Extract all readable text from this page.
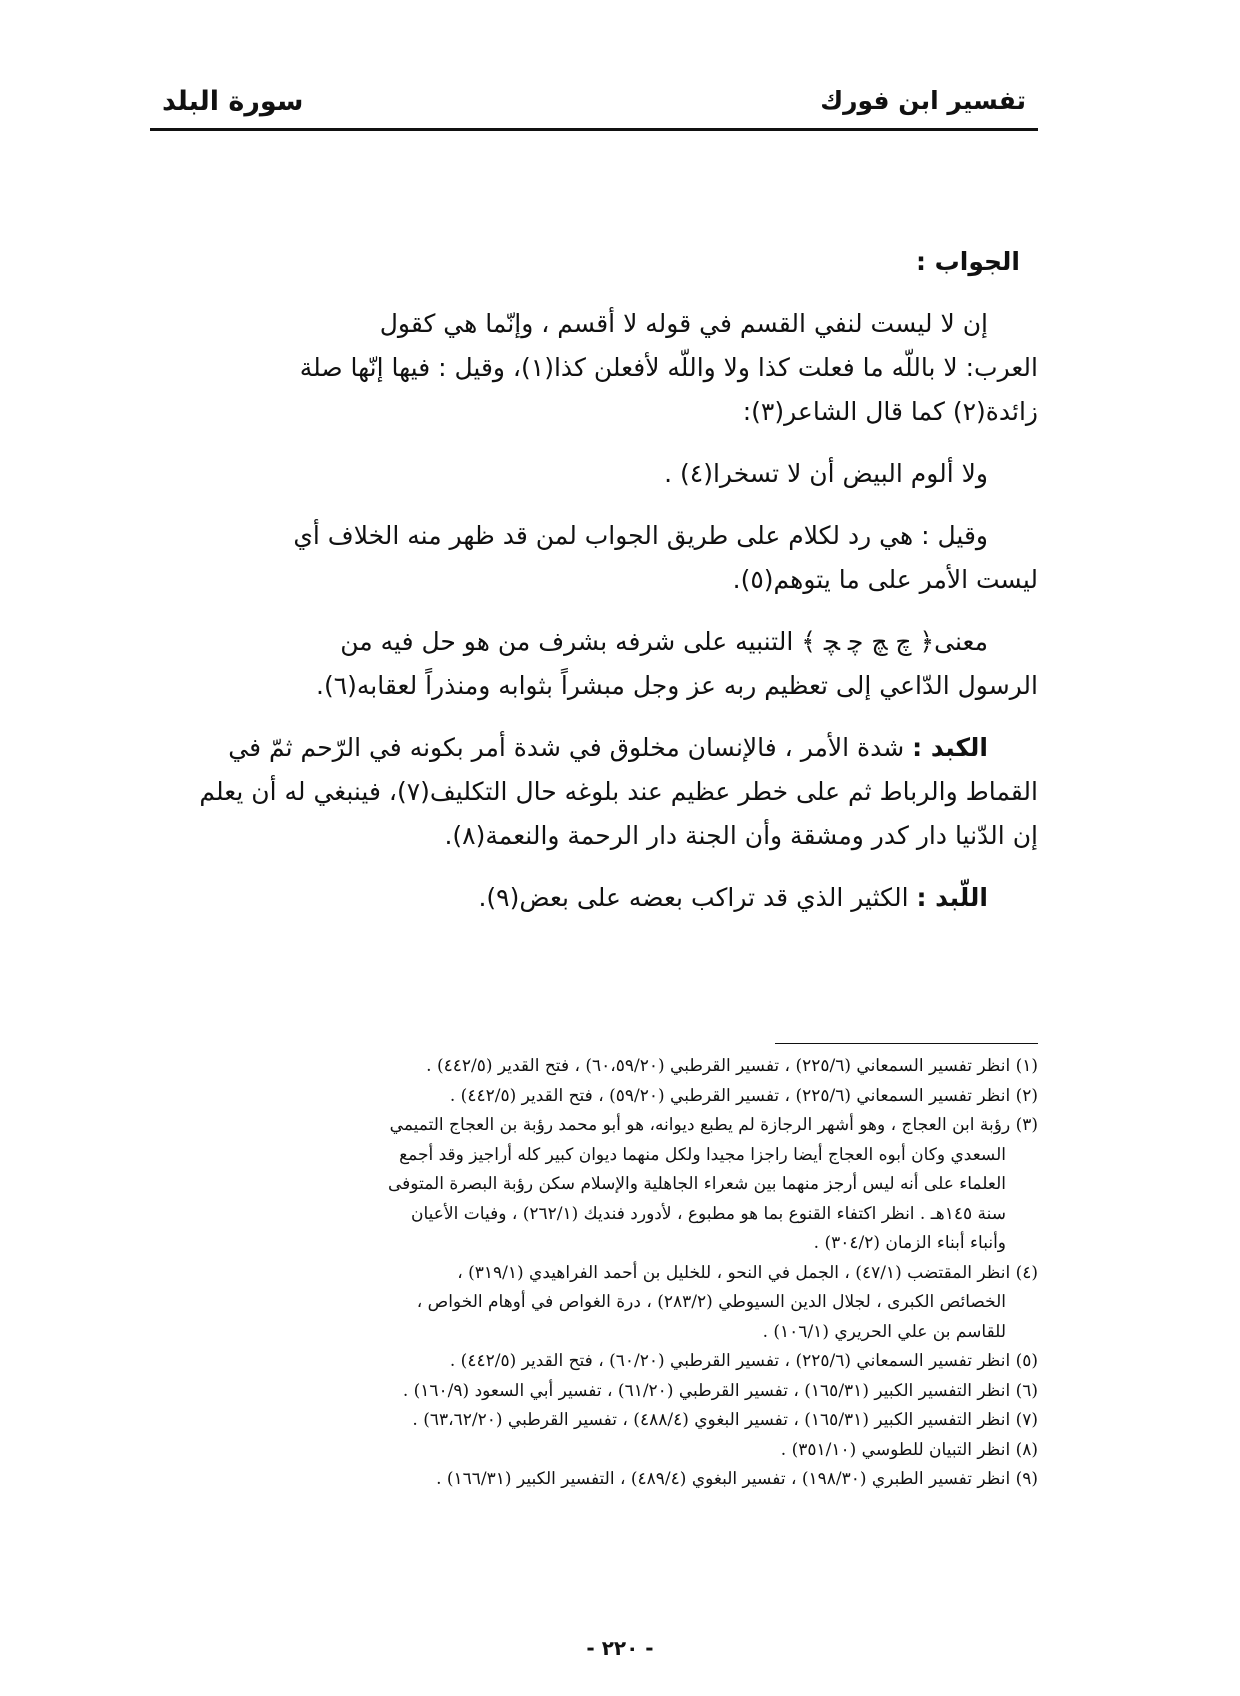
تفسير ابن فورك
سورة البلد

الجواب :

إن لا ليست لنفي القسم في قوله لا أقسم ، وإنّما هي كقول

العرب: لا باللّه ما فعلت كذا ولا واللّه لأفعلن كذا(١)، وقيل : فيها إنّها صلة

زائدة(٢) كما قال الشاعر(٣):

ولا ألوم البيض أن لا تسخرا(٤) .

وقيل : هي رد لكلام على طريق الجواب لمن قد ظهر منه الخلاف أي

ليست الأمر على ما يتوهم(٥).

معنى﴿ ﭺ ﭻ ﭼ ﭽ ﴾ التنبيه على شرفه بشرف من هو حل فيه من

الرسول الدّاعي إلى تعظيم ربه عز وجل مبشراً بثوابه ومنذراً لعقابه(٦).

الكبد : شدة الأمر ، فالإنسان مخلوق في شدة أمر بكونه في الرّحم ثمّ في

القماط والرباط ثم على خطر عظيم عند بلوغه حال التكليف(٧)، فينبغي له أن يعلم

إن الدّنيا دار كدر ومشقة وأن الجنة دار الرحمة والنعمة(٨).

اللّبد : الكثير الذي قد تراكب بعضه على بعض(٩).

(١) انظر تفسير السمعاني (٢٢٥/٦) ، تفسير القرطبي (٦٠،٥٩/٢٠) ، فتح القدير (٤٤٢/٥) .

(٢) انظر تفسير السمعاني (٢٢٥/٦) ، تفسير القرطبي (٥٩/٢٠) ، فتح القدير (٤٤٢/٥) .

(٣) رؤبة ابن العجاج ، وهو أشهر الرجازة لم يطبع ديوانه، هو أبو محمد رؤبة بن العجاج التميمي

السعدي وكان أبوه العجاج أيضا راجزا مجيدا ولكل منهما ديوان كبير كله أراجيز وقد أجمع

العلماء على أنه ليس أرجز منهما بين شعراء الجاهلية والإسلام سكن رؤبة البصرة المتوفى

سنة ١٤٥هـ . انظر اكتفاء القنوع بما هو مطبوع ، لأدورد فنديك (٢٦٢/١) ، وفيات الأعيان

وأنباء أبناء الزمان (٣٠٤/٢) .

(٤) انظر المقتضب (٤٧/١) ، الجمل في النحو ، للخليل بن أحمد الفراهيدي (٣١٩/١) ،

الخصائص الكبرى ، لجلال الدين السيوطي (٢٨٣/٢) ، درة الغواص في أوهام الخواص ،

للقاسم بن علي الحريري (١٠٦/١) .

(٥) انظر تفسير السمعاني (٢٢٥/٦) ، تفسير القرطبي (٦٠/٢٠) ، فتح القدير (٤٤٢/٥) .

(٦) انظر التفسير الكبير (١٦٥/٣١) ، تفسير القرطبي (٦١/٢٠) ، تفسير أبي السعود (١٦٠/٩) .

(٧) انظر التفسير الكبير (١٦٥/٣١) ، تفسير البغوي (٤٨٨/٤) ، تفسير القرطبي (٦٣،٦٢/٢٠) .

(٨) انظر التبيان للطوسي (٣٥١/١٠) .

(٩) انظر تفسير الطبري (١٩٨/٣٠) ، تفسير البغوي (٤٨٩/٤) ، التفسير الكبير (١٦٦/٣١) .

- ٢٢٠ -
